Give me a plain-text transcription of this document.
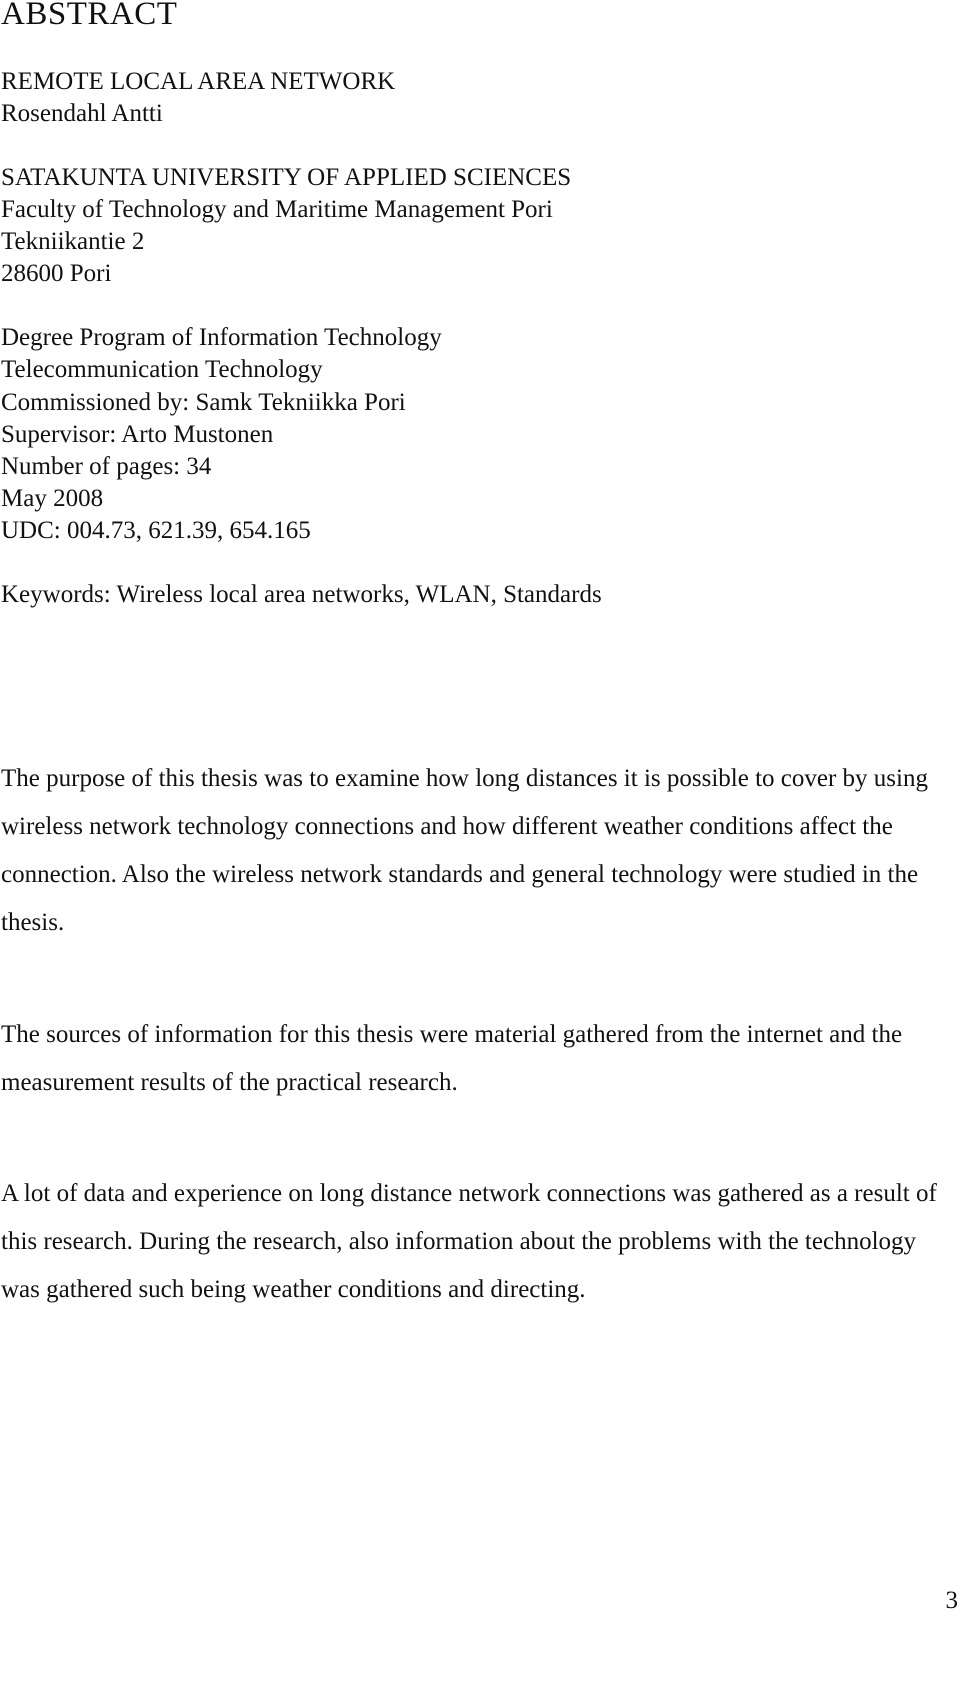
ABSTRACT
REMOTE LOCAL AREA NETWORK
Rosendahl Antti
SATAKUNTA UNIVERSITY OF APPLIED SCIENCES
Faculty of Technology and Maritime Management Pori
Tekniikantie 2
28600 Pori
Degree Program of Information Technology
Telecommunication Technology
Commissioned by: Samk Tekniikka Pori
Supervisor: Arto Mustonen
Number of pages: 34
May 2008
UDC: 004.73, 621.39, 654.165
Keywords: Wireless local area networks, WLAN, Standards

The purpose of this thesis was to examine how long distances it is possible to cover by using wireless network technology connections and how different weather conditions affect the connection. Also the wireless network standards and general technology were studied in the thesis.

The sources of information for this thesis were material gathered from the internet and the measurement results of the practical research.

A lot of data and experience on long distance network connections was gathered as a result of this research. During the research, also information about the problems with the technology was gathered such being weather conditions and directing.

3
